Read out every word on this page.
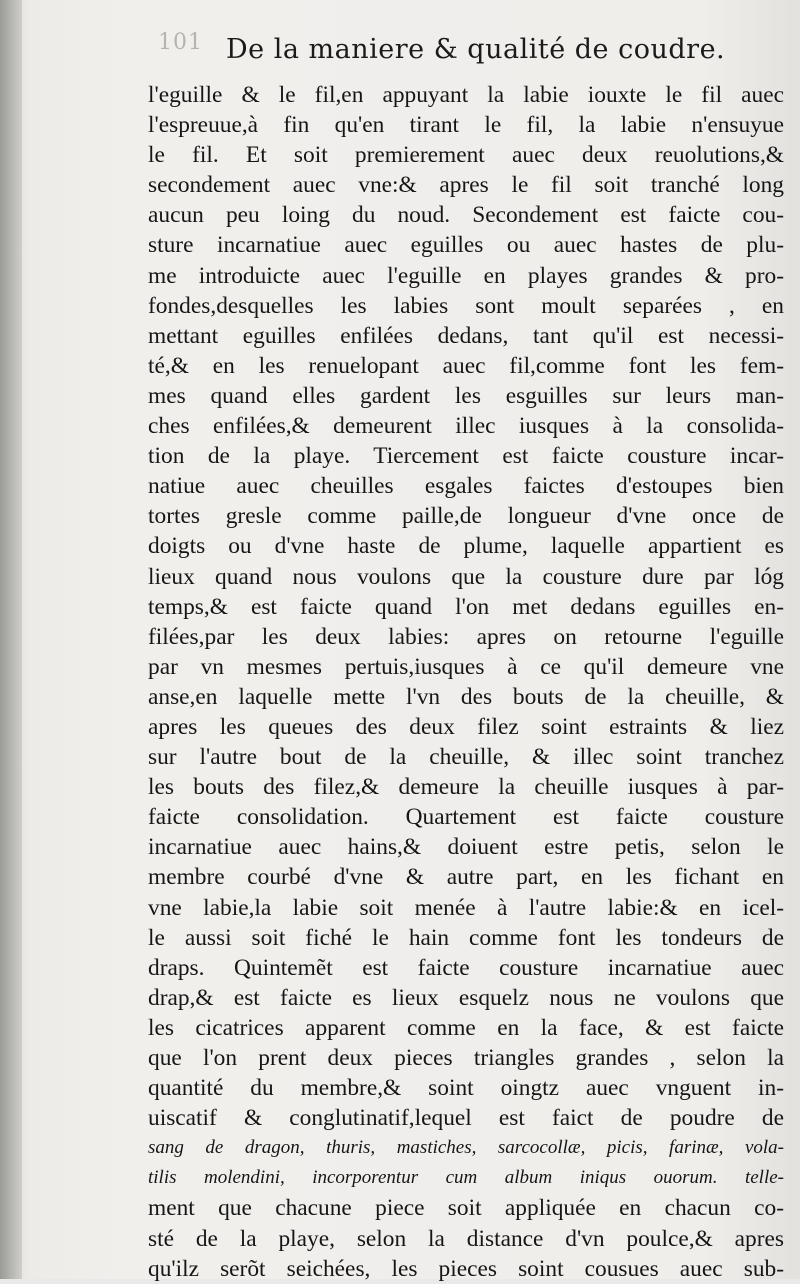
101 De la maniere & qualité de coudre.
l'eguille & le fil,en appuyant la labie iouxte le fil auec
l'espreuue,à fin qu'en tirant le fil, la labie n'ensuyue
le fil. Et soit premierement auec deux reuolutions,&
secondement auec vne:& apres le fil soit tranché long
aucun peu loing du noud. Secondement est faicte cou-
sture incarnatiue auec eguilles ou auec hastes de plu-
me introduicte auec l'eguille en playes grandes & pro-
fondes,desquelles les labies sont moult separées , en
mettant eguilles enfilées dedans, tant qu'il est necessi-
té,& en les renuelopant auec fil,comme font les fem-
mes quand elles gardent les esguilles sur leurs man-
ches enfilées,& demeurent illec iusques à la consolida-
tion de la playe. Tiercement est faicte cousture incar-
natiue auec cheuilles esgales faictes d'estoupes bien
tortes gresle comme paille,de longueur d'vne once de
doigts ou d'vne haste de plume, laquelle appartient es
lieux quand nous voulons que la cousture dure par lóg
temps,& est faicte quand l'on met dedans eguilles en-
filées,par les deux labies: apres on retourne l'eguille
par vn mesmes pertuis,iusques à ce qu'il demeure vne
anse,en laquelle mette l'vn des bouts de la cheuille, &
apres les queues des deux filez soint estraints & liez
sur l'autre bout de la cheuille, & illec soint tranchez
les bouts des filez,& demeure la cheuille iusques à par-
faicte consolidation. Quartement est faicte cousture
incarnatiue auec hains,& doiuent estre petis, selon le
membre courbé d'vne & autre part, en les fichant en
vne labie,la labie soit menée à l'autre labie:& en icel-
le aussi soit fiché le hain comme font les tondeurs de
draps. Quintemẽt est faicte cousture incarnatiue auec
drap,& est faicte es lieux esquelz nous ne voulons que
les cicatrices apparent comme en la face, & est faicte
que l'on prent deux pieces triangles grandes , selon la
quantité du membre,& soint oingtz auec vnguent in-
uiscatif & conglutinatif,lequel est faict de poudre de
sang de dragon, thuris, mastiches, sarcocollæ, picis, farinæ, vola-
tilis molendini, incorporentur cum album iniqus ouorum. telle-
ment que chacune piece soit appliquée en chacun co-
sté de la playe, selon la distance d'vn poulce,& apres
qu'ilz serõt seichées, les pieces soint cousues auec sub-
